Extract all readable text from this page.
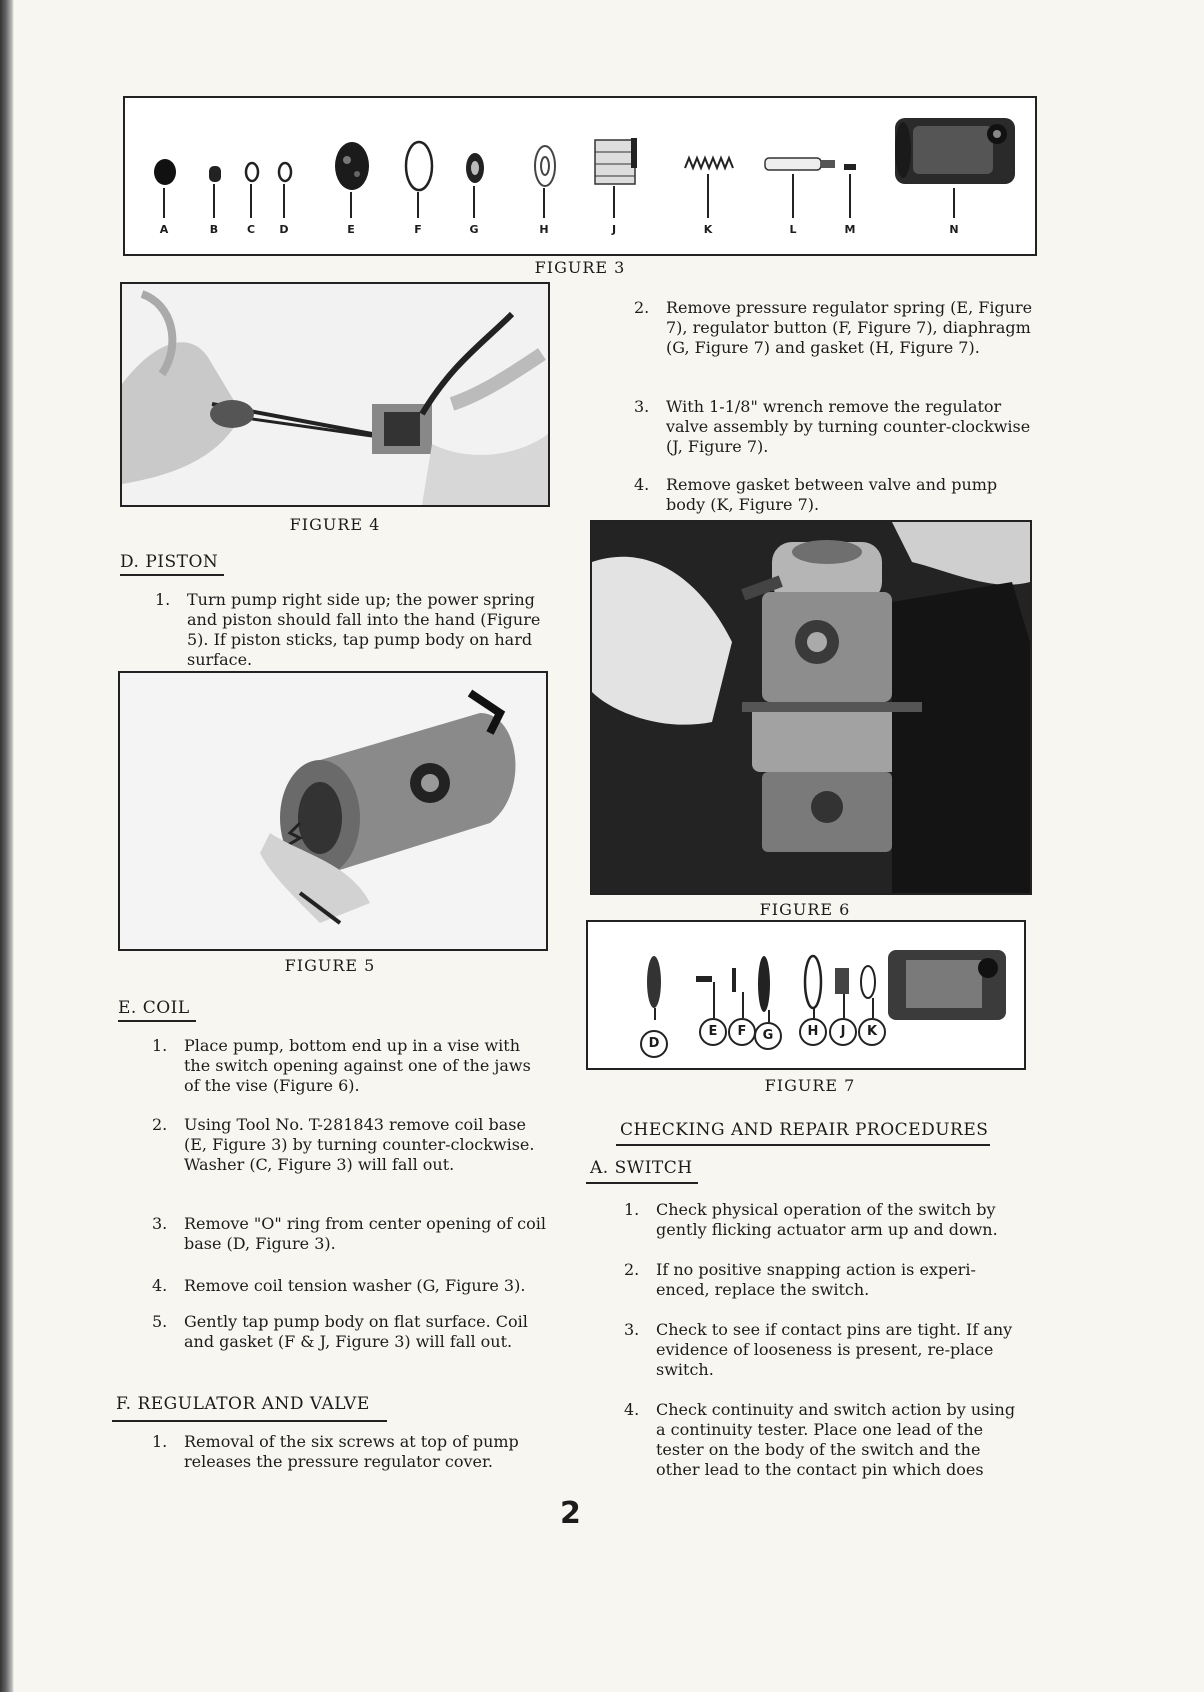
A	B	C	D	E	F	G	H	J	K	L	M	N
FIGURE 3
FIGURE 4
D. PISTON
1. Turn pump right side up; the power spring and piston should fall into the hand (Figure 5). If piston sticks, tap pump body on hard surface.
FIGURE 5
E. COIL
1. Place pump, bottom end up in a vise with the switch opening against one of the jaws of the vise (Figure 6).
2. Using Tool No. T-281843 remove coil base (E, Figure 3) by turning counter-clockwise. Washer (C, Figure 3) will fall out.
3. Remove "O" ring from center opening of coil base (D, Figure 3).
4. Remove coil tension washer (G, Figure 3).
5. Gently tap pump body on flat surface. Coil and gasket (F & J, Figure 3) will fall out.
F. REGULATOR AND VALVE
1. Removal of the six screws at top of pump releases the pressure regulator cover.
2. Remove pressure regulator spring (E, Figure 7), regulator button (F, Figure 7), diaphragm (G, Figure 7) and gasket (H, Figure 7).
3. With 1-1/8" wrench remove the regulator valve assembly by turning counter-clockwise (J, Figure 7).
4. Remove gasket between valve and pump body (K, Figure 7).
FIGURE 6
D
E	F	G	H	J	K
FIGURE 7
CHECKING AND REPAIR PROCEDURES
A. SWITCH
1. Check physical operation of the switch by gently flicking actuator arm up and down.
2. If no positive snapping action is experi-enced, replace the switch.
3. Check to see if contact pins are tight. If any evidence of looseness is present, re-place switch.
4. Check continuity and switch action by using a continuity tester. Place one lead of the tester on the body of the switch and the other lead to the contact pin which does
2
